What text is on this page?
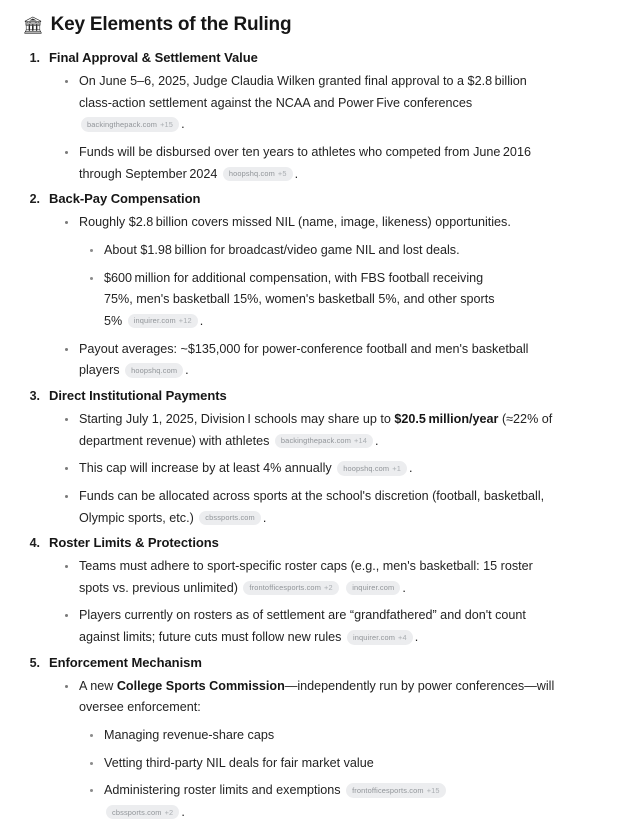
🏛 Key Elements of the Ruling
1. Final Approval & Settlement Value
On June 5–6, 2025, Judge Claudia Wilken granted final approval to a $2.8 billion class-action settlement against the NCAA and Power Five conferences backingthepack.com +15 .
Funds will be disbursed over ten years to athletes who competed from June 2016 through September 2024 hoopshq.com +5 .
2. Back-Pay Compensation
Roughly $2.8 billion covers missed NIL (name, image, likeness) opportunities.
About $1.98 billion for broadcast/video game NIL and lost deals.
$600 million for additional compensation, with FBS football receiving 75%, men's basketball 15%, women's basketball 5%, and other sports 5% inquirer.com +12 .
Payout averages: ~$135,000 for power-conference football and men's basketball players hoopshq.com .
3. Direct Institutional Payments
Starting July 1, 2025, Division I schools may share up to $20.5 million/year (≈22% of department revenue) with athletes backingthepack.com +14 .
This cap will increase by at least 4% annually hoopshq.com +1 .
Funds can be allocated across sports at the school's discretion (football, basketball, Olympic sports, etc.) cbssports.com .
4. Roster Limits & Protections
Teams must adhere to sport-specific roster caps (e.g., men's basketball: 15 roster spots vs. previous unlimited) frontofficesports.com +2	inquirer.com .
Players currently on rosters as of settlement are “grandfathered” and don't count against limits; future cuts must follow new rules inquirer.com +4 .
5. Enforcement Mechanism
A new College Sports Commission—independently run by power conferences—will oversee enforcement:
Managing revenue-share caps
Vetting third-party NIL deals for fair market value
Administering roster limits and exemptions frontofficesports.com +15 cbssports.com +2 .
